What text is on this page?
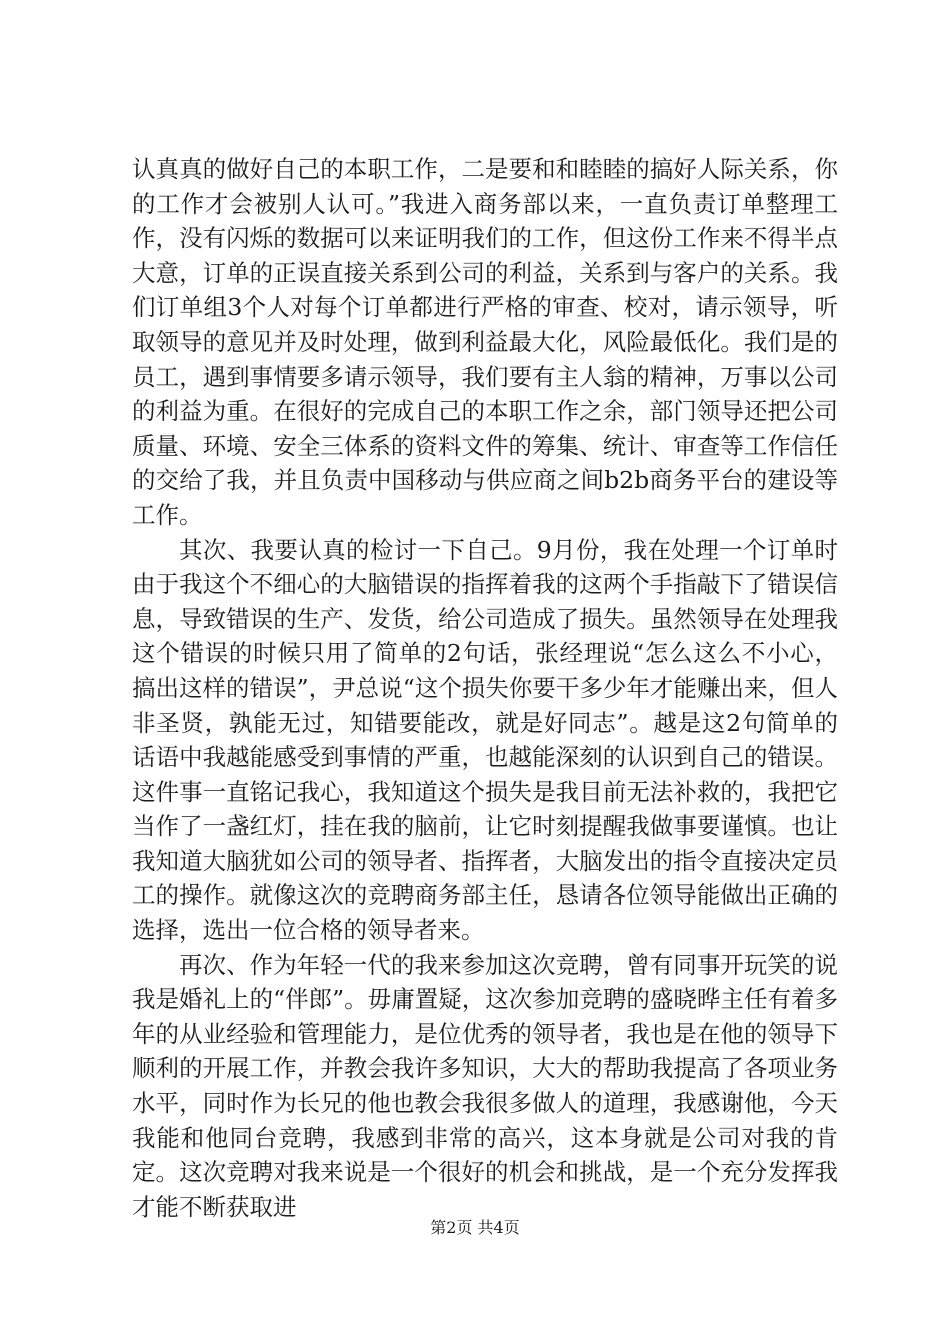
认真真的做好自己的本职工作，二是要和和睦睦的搞好人际关系，你的工作才会被别人认可。”我进入商务部以来，一直负责订单整理工作，没有闪烁的数据可以来证明我们的工作，但这份工作来不得半点大意，订单的正误直接关系到公司的利益，关系到与客户的关系。我们订单组3个人对每个订单都进行严格的审查、校对，请示领导，听取领导的意见并及时处理，做到利益最大化，风险最低化。我们是的员工，遇到事情要多请示领导，我们要有主人翁的精神，万事以公司的利益为重。在很好的完成自己的本职工作之余，部门领导还把公司质量、环境、安全三体系的资料文件的筹集、统计、审查等工作信任的交给了我，并且负责中国移动与供应商之间b2b商务平台的建设等工作。

其次、我要认真的检讨一下自己。9月份，我在处理一个订单时由于我这个不细心的大脑错误的指挥着我的这两个手指敲下了错误信息，导致错误的生产、发货，给公司造成了损失。虽然领导在处理我这个错误的时候只用了简单的2句话，张经理说“怎么这么不小心，搞出这样的错误”，尹总说“这个损失你要干多少年才能赚出来，但人非圣贤，孰能无过，知错要能改，就是好同志”。越是这2句简单的话语中我越能感受到事情的严重，也越能深刻的认识到自己的错误。这件事一直铭记我心，我知道这个损失是我目前无法补救的，我把它当作了一盏红灯，挂在我的脑前，让它时刻提醒我做事要谨慎。也让我知道大脑犹如公司的领导者、指挥者，大脑发出的指令直接决定员工的操作。就像这次的竞聘商务部主任，恳请各位领导能做出正确的选择，选出一位合格的领导者来。

再次、作为年轻一代的我来参加这次竞聘，曾有同事开玩笑的说我是婚礼上的“伴郎”。毋庸置疑，这次参加竞聘的盛晓晔主任有着多年的从业经验和管理能力，是位优秀的领导者，我也是在他的领导下顺利的开展工作，并教会我许多知识，大大的帮助我提高了各项业务水平，同时作为长兄的他也教会我很多做人的道理，我感谢他，今天我能和他同台竞聘，我感到非常的高兴，这本身就是公司对我的肯定。这次竞聘对我来说是一个很好的机会和挑战，是一个充分发挥我才能不断获取进

第2页 共4页
